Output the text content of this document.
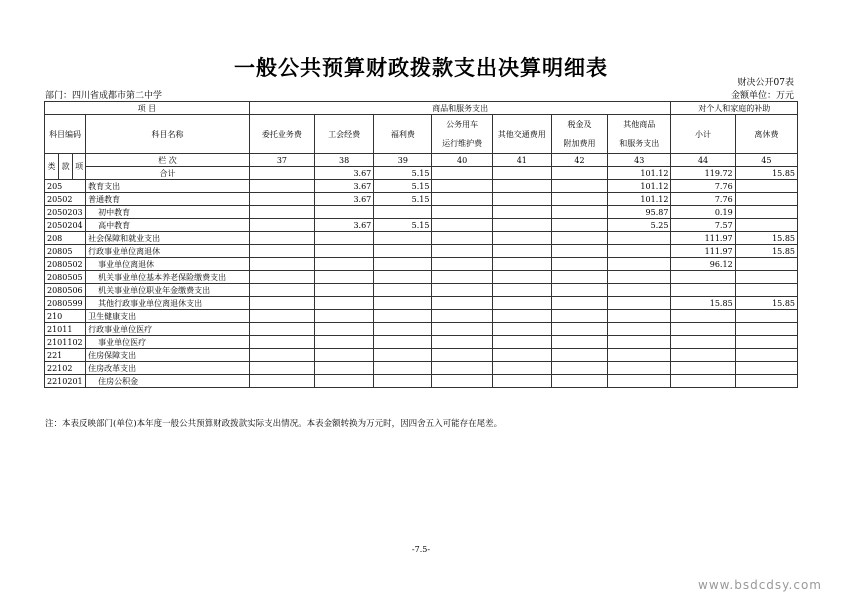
一般公共预算财政拨款支出决算明细表
财决公开07表
部门：四川省成都市第二中学	金额单位：万元
项 目				商品和服务支出							对个人和家庭的补助	
科目编码			科目名称	委托业务费	工会经费	福利费	公务用车	其他交通费用	税金及	其他商品	小计	离休费
							运行维护费		附加费用	和服务支出		
类	款	项	栏 次	37	38	39	40	41	42	43	44	45
			合计		3.67	5.15				101.12	119.72	15.85
205			教育支出		3.67	5.15				101.12	7.76	
20502			普通教育		3.67	5.15				101.12	7.76	
2050203			初中教育							95.87	0.19	
2050204			高中教育		3.67	5.15				5.25	7.57	
208			社会保障和就业支出								111.97	15.85
20805			行政事业单位离退休								111.97	15.85
2080502			事业单位离退休								96.12	
2080505			机关事业单位基本养老保险缴费支出									
2080506			机关事业单位职业年金缴费支出									
2080599			其他行政事业单位离退休支出								15.85	15.85
210			卫生健康支出									
21011			行政事业单位医疗									
2101102			事业单位医疗									
221			住房保障支出									
22102			住房改革支出									
2210201			住房公积金									
注：本表反映部门(单位)本年度一般公共预算财政拨款实际支出情况。本表金额转换为万元时，因四舍五入可能存在尾差。
-7.5-
www.bsdcdsy.com
